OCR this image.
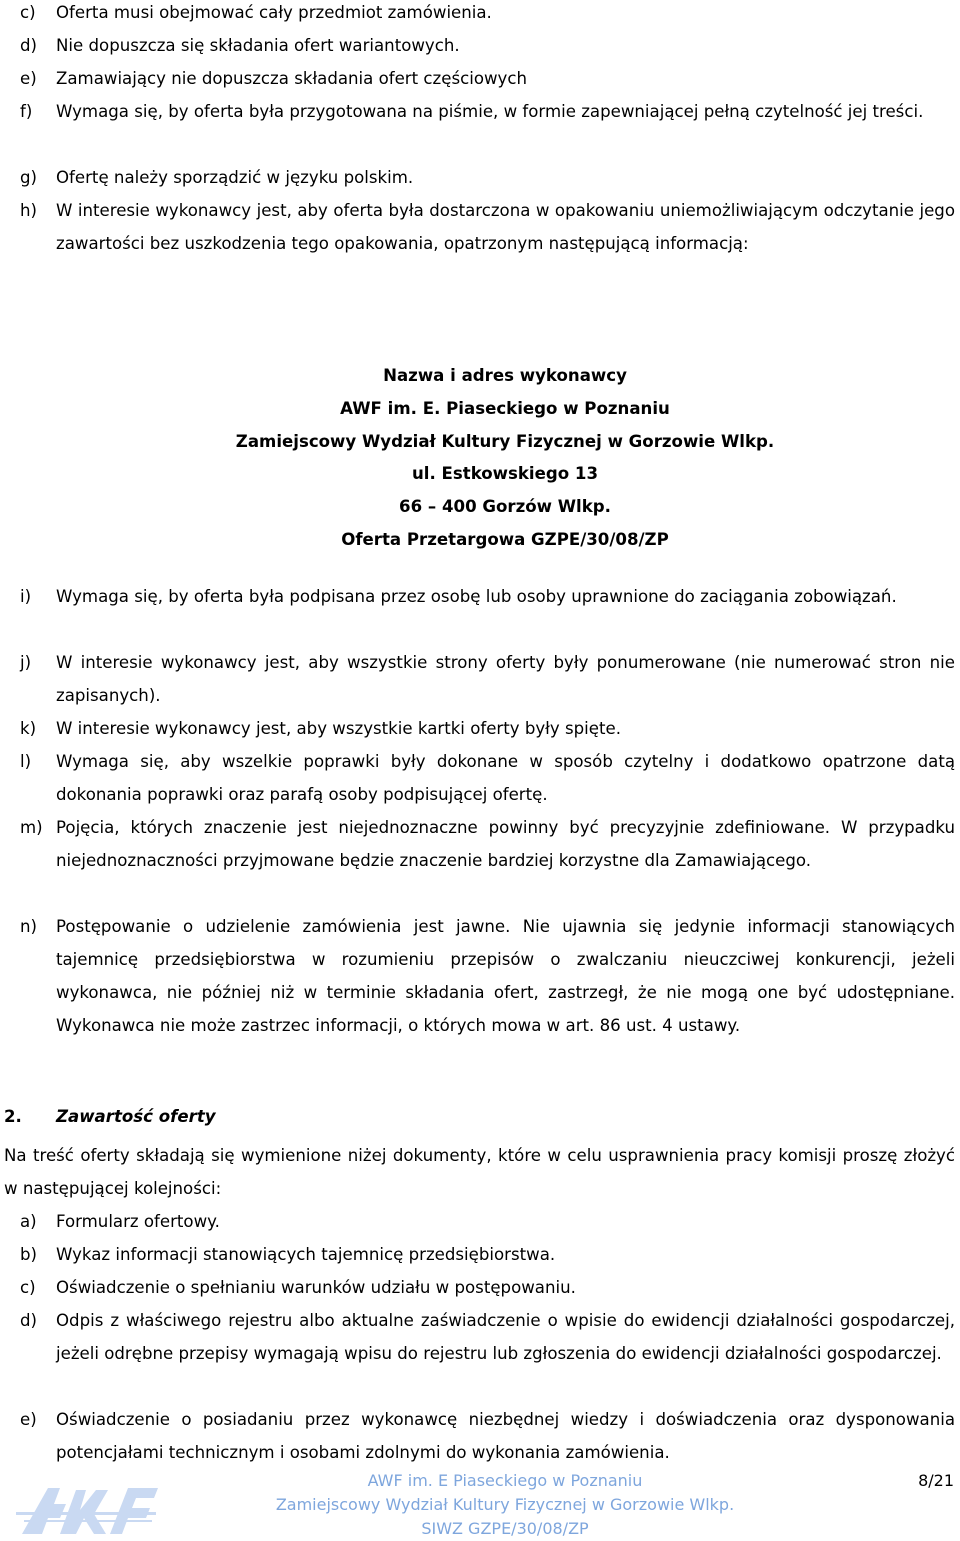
c) Oferta musi obejmować cały przedmiot zamówienia.
d) Nie dopuszcza się składania ofert wariantowych.
e) Zamawiający nie dopuszcza składania ofert częściowych
f) Wymaga się, by oferta była przygotowana na piśmie, w formie zapewniającej pełną czytelność jej treści.
g) Ofertę należy sporządzić w języku polskim.
h) W interesie wykonawcy jest, aby oferta była dostarczona w opakowaniu uniemożliwiającym odczytanie jego zawartości bez uszkodzenia tego opakowania, opatrzonym następującą informacją:
Nazwa i adres wykonawcy
AWF im. E. Piaseckiego w Poznaniu
Zamiejscowy Wydział Kultury Fizycznej w Gorzowie Wlkp.
ul. Estkowskiego 13
66 – 400 Gorzów Wlkp.
Oferta Przetargowa GZPE/30/08/ZP
i) Wymaga się, by oferta była podpisana przez osobę lub osoby uprawnione do zaciągania zobowiązań.
j) W interesie wykonawcy jest, aby wszystkie strony oferty były ponumerowane (nie numerować stron nie zapisanych).
k) W interesie wykonawcy jest, aby wszystkie kartki oferty były spięte.
l) Wymaga się, aby wszelkie poprawki były dokonane w sposób czytelny i dodatkowo opatrzone datą dokonania poprawki oraz parafą osoby podpisującej ofertę.
m) Pojęcia, których znaczenie jest niejednoznaczne powinny być precyzyjnie zdefiniowane. W przypadku niejednoznaczności przyjmowane będzie znaczenie bardziej korzystne dla Zamawiającego.
n) Postępowanie o udzielenie zamówienia jest jawne. Nie ujawnia się jedynie informacji stanowiących tajemnicę przedsiębiorstwa w rozumieniu przepisów o zwalczaniu nieuczciwej konkurencji, jeżeli wykonawca, nie później niż w terminie składania ofert, zastrzegł, że nie mogą one być udostępniane. Wykonawca nie może zastrzec informacji, o których mowa w art. 86 ust. 4 ustawy.
2. Zawartość oferty
Na treść oferty składają się wymienione niżej dokumenty, które w celu usprawnienia pracy komisji proszę złożyć w następującej kolejności:
a) Formularz ofertowy.
b) Wykaz informacji stanowiących tajemnicę przedsiębiorstwa.
c) Oświadczenie o spełnianiu warunków udziału w postępowaniu.
d) Odpis z właściwego rejestru albo aktualne zaświadczenie o wpisie do ewidencji działalności gospodarczej, jeżeli odrębne przepisy wymagają wpisu do rejestru lub zgłoszenia do ewidencji działalności gospodarczej.
e) Oświadczenie o posiadaniu przez wykonawcę niezbędnej wiedzy i doświadczenia oraz dysponowania potencjałami technicznym i osobami zdolnymi do wykonania zamówienia.
AWF im. E Piaseckiego w Poznaniu
Zamiejscowy Wydział Kultury Fizycznej w Gorzowie Wlkp.
SIWZ GZPE/30/08/ZP
8/21
